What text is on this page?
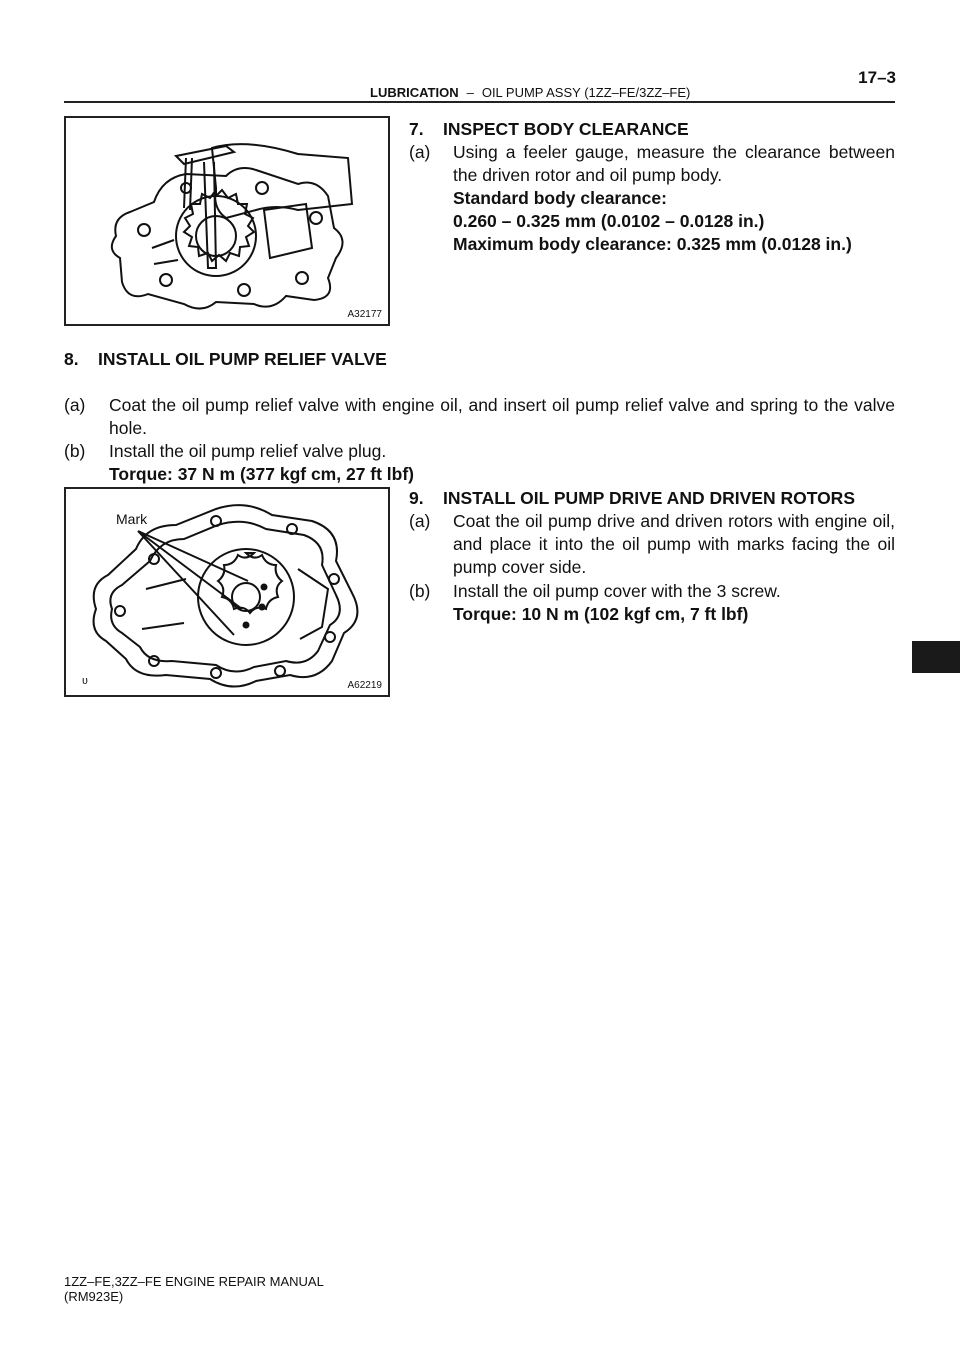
LUBRICATION – OIL PUMP ASSY (1ZZ–FE/3ZZ–FE)
17–3
A32177
7.    INSPECT BODY CLEARANCE
(a) Using a feeler gauge, measure the clearance between
the driven rotor and oil pump body.
Standard body clearance:
0.260 – 0.325 mm (0.0102 – 0.0128 in.)
Maximum body clearance: 0.325 mm (0.0128 in.)
8.    INSTALL OIL PUMP RELIEF VALVE
(a) Coat the oil pump relief valve with engine oil, and insert oil pump relief valve and spring to the valve
hole.
(b) Install the oil pump relief valve plug.
Torque: 37 N m (377 kgf cm, 27 ft lbf)
Mark
ʋ	A62219
9.    INSTALL OIL PUMP DRIVE AND DRIVEN ROTORS
(a) Coat the oil pump drive and driven rotors with engine oil,
and place it into the oil pump with marks facing the oil
pump cover side.
(b) Install the oil pump cover with the 3 screw.
Torque: 10 N m (102 kgf cm, 7 ft lbf)
1ZZ–FE,3ZZ–FE ENGINE REPAIR MANUAL
(RM923E)
